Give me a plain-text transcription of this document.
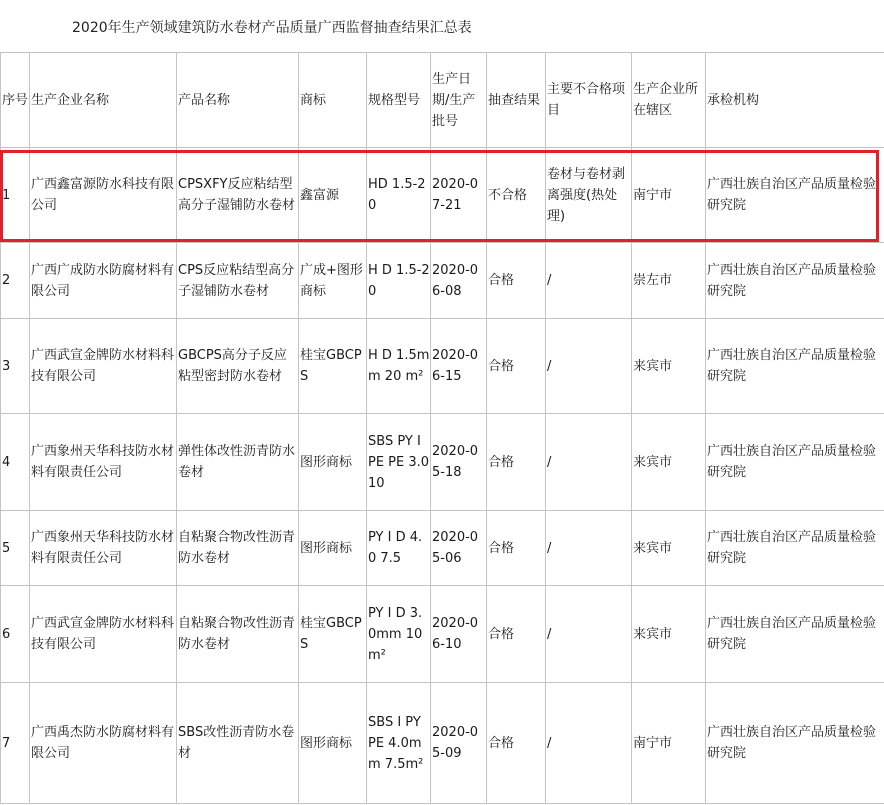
2020年生产领域建筑防水卷材产品质量广西监督抽查结果汇总表
序号	生产企业名称	产品名称	商标	规格型号	生产日期/生产批号	抽查结果	主要不合格项目	生产企业所在辖区	承检机构
1	广西鑫富源防水科技有限公司	CPSXFY反应粘结型高分子湿铺防水卷材	鑫富源	HD 1.5-20	2020-07-21	不合格	卷材与卷材剥离强度(热处理)	南宁市	广西壮族自治区产品质量检验研究院
2	广西广成防水防腐材料有限公司	CPS反应粘结型高分子湿铺防水卷材	广成+图形商标	H D 1.5-20	2020-06-08	合格	/	崇左市	广西壮族自治区产品质量检验研究院
3	广西武宣金牌防水材料科技有限公司	GBCPS高分子反应粘型密封防水卷材	桂宝GBCPS	H D 1.5mm 20 m²	2020-06-15	合格	/	来宾市	广西壮族自治区产品质量检验研究院
4	广西象州天华科技防水材料有限责任公司	弹性体改性沥青防水卷材	图形商标	SBS PY I PE PE 3.0 10	2020-05-18	合格	/	来宾市	广西壮族自治区产品质量检验研究院
5	广西象州天华科技防水材料有限责任公司	自粘聚合物改性沥青防水卷材	图形商标	PY I D 4.0 7.5	2020-05-06	合格	/	来宾市	广西壮族自治区产品质量检验研究院
6	广西武宣金牌防水材料科技有限公司	自粘聚合物改性沥青防水卷材	桂宝GBCPS	PY I D 3.0mm 10 m²	2020-06-10	合格	/	来宾市	广西壮族自治区产品质量检验研究院
7	广西禹杰防水防腐材料有限公司	SBS改性沥青防水卷材	图形商标	SBS I PY PE 4.0mm 7.5m²	2020-05-09	合格	/	南宁市	广西壮族自治区产品质量检验研究院
